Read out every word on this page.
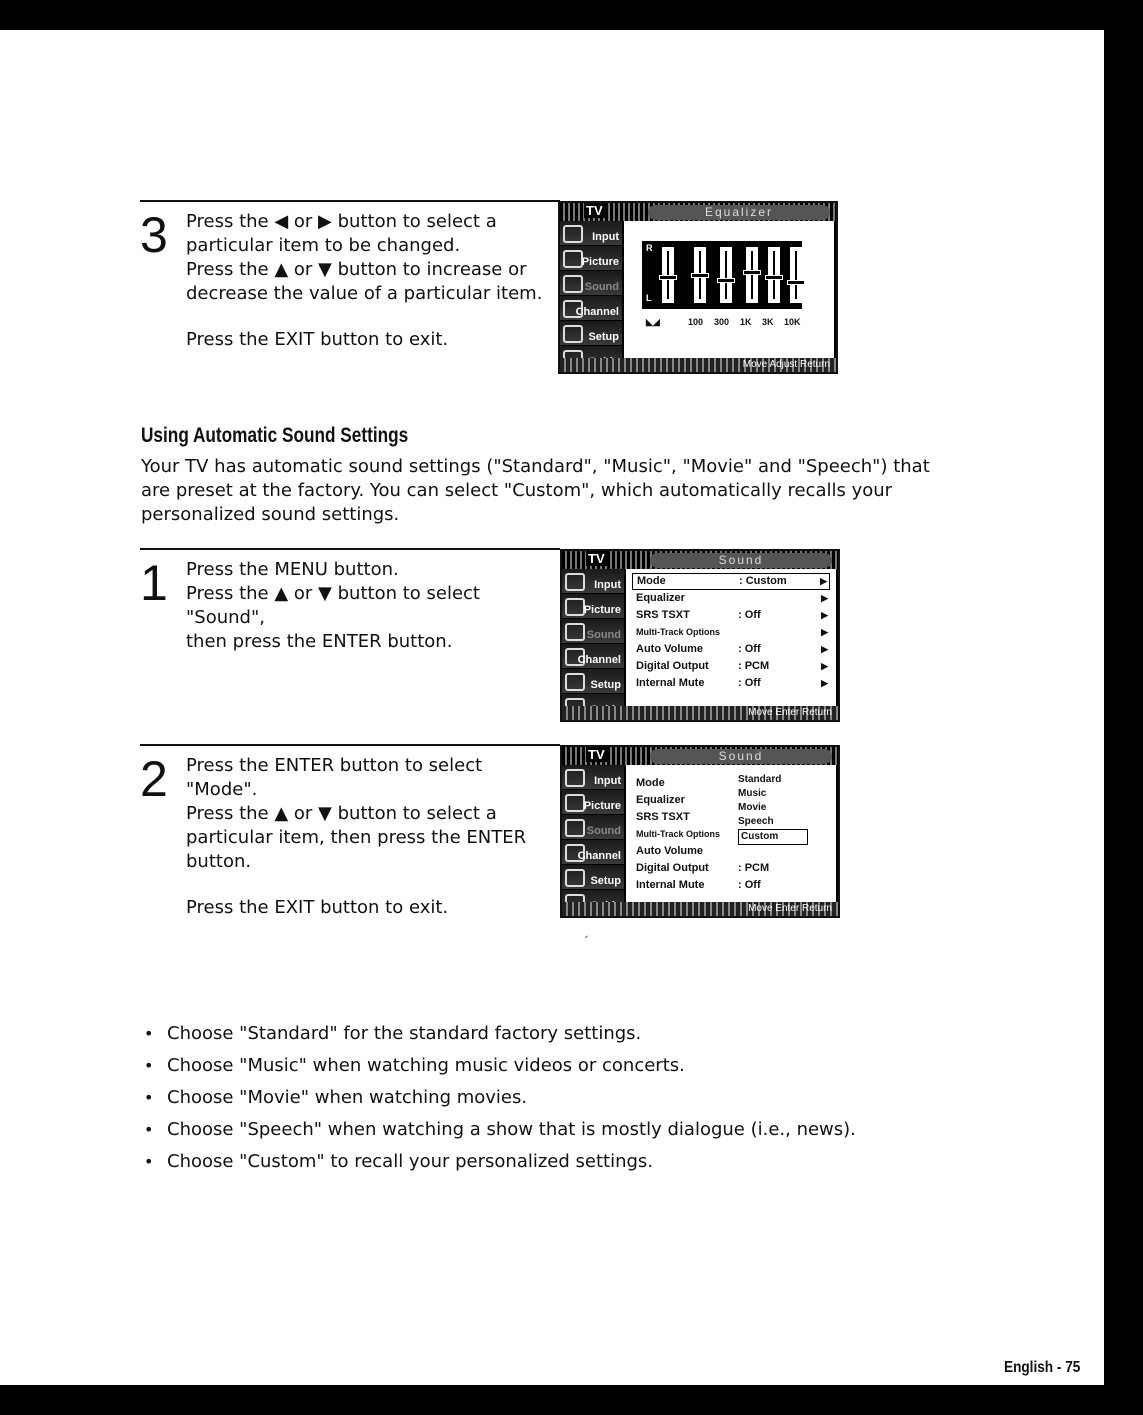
3 Press the ◀ or ▶ button to select a

particular item to be changed.

Press the ▲ or ▼ button to increase or

decrease the value of a particular item.

Press the EXIT button to exit.

TV	Equalizer
Input
Picture
Sound
Channel
Setup
R
L
◣◢	100 300 1K 3K 10K
Move Adjust Return
Using Automatic Sound Settings
Your TV has automatic sound settings ("Standard", "Music", "Movie" and "Speech") that are preset at the factory. You can select "Custom", which automatically recalls your personalized sound settings.
1 Press the MENU button.

Press the ▲ or ▼ button to select "Sound",

then press the ENTER button.

TV	Sound
Input
Picture
Sound
Channel
Setup
Mode	: Custom	▶
Equalizer	▶
SRS TSXT	: Off	▶
Multi-Track Options	▶
Auto Volume	: Off	▶
Digital Output	: PCM	▶
Internal Mute	: Off	▶
Move Enter Return
2 Press the ENTER button to select "Mode".

Press the ▲ or ▼ button to select a

particular item, then press the ENTER

button.

Press the EXIT button to exit.

TV	Sound
Input
Picture
Sound
Channel
Setup
Mode
Equalizer
SRS TSXT
Multi-Track Options
Auto Volume
Digital Output	: PCM
Internal Mute	: Off
Standard
Music
Movie
Speech
Custom
Move Enter Return
ˏ
• Choose "Standard" for the standard factory settings.
• Choose "Music" when watching music videos or concerts.
• Choose "Movie" when watching movies.
• Choose "Speech" when watching a show that is mostly dialogue (i.e., news).
• Choose "Custom" to recall your personalized settings.
English - 75
